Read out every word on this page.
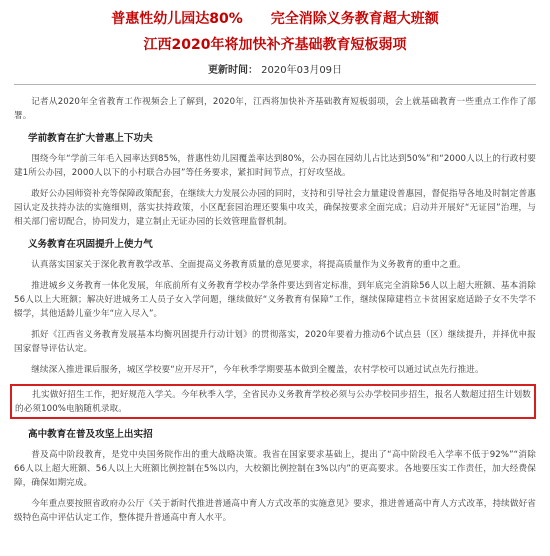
普惠性幼儿园达80%　　完全消除义务教育超大班额
江西2020年将加快补齐基础教育短板弱项
更新时间： 2020年03月09日

记者从2020年全省教育工作视频会上了解到，2020年，江西将加快补齐基础教育短板弱项，会上就基础教育一些重点工作作了部署。

学前教育在扩大普惠上下功夫

围绕今年“学前三年毛入园率达到85%，普惠性幼儿园覆盖率达到80%，公办园在园幼儿占比达到50%”和“2000人以上的行政村要建1所公办园，2000人以下的小村联合办园”等任务要求，紧扣时间节点，打好攻坚战。

敢好公办园师资补充等保障政策配套，在继续大力发展公办园的同时，支持和引导社会力量建设普惠园，督促指导各地及时制定普惠园认定及扶持办法的实施细则，落实扶持政策，小区配套园治理还要集中攻关，确保按要求全面完成；启动并开展好“无证园”治理，与相关部门密切配合，协同发力，建立制止无证办园的长效管理监督机制。

义务教育在巩固提升上使力气

认真落实国家关于深化教育教学改革、全面提高义务教育质量的意见要求，将提高质量作为义务教育的重中之重。

推进城乡义务教育一体化发展，年底前所有义务教育学校办学条件要达到省定标准，到年底完全消除56人以上超大班额、基本消除56人以上大班额；解决好进城务工人员子女入学问题，继续做好“义务教育有保障”工作，继续保障建档立卡贫困家庭适龄子女不失学不辍学，其他适龄儿童少年“应入尽入”。

抓好《江西省义务教育发展基本均衡巩固提升行动计划》的贯彻落实，2020年要着力推动6个试点县（区）继续提升，并择优申报国家督导评估认定。

继续深入推进课后服务，城区学校要“应开尽开”，今年秋季学期要基本做到全覆盖，农村学校可以通过试点先行推进。

扎实做好招生工作，把好规范入学关。今年秋季入学，全省民办义务教育学校必须与公办学校同步招生，报名人数超过招生计划数的必须100%电脑随机录取。

高中教育在普及攻坚上出实招

普及高中阶段教育，是党中央国务院作出的重大战略决策。我省在国家要求基础上，提出了“高中阶段毛入学率不低于92%”“消除66人以上超大班额、56人以上大班额比例控制在5%以内，大校额比例控制在3%以内”的更高要求。各地要压实工作责任，加大经费保障，确保如期完成。

今年重点要按照省政府办公厅《关于新时代推进普通高中育人方式改革的实施意见》要求，推进普通高中育人方式改革，持续做好省级特色高中评估认定工作，整体提升普通高中育人水平。
